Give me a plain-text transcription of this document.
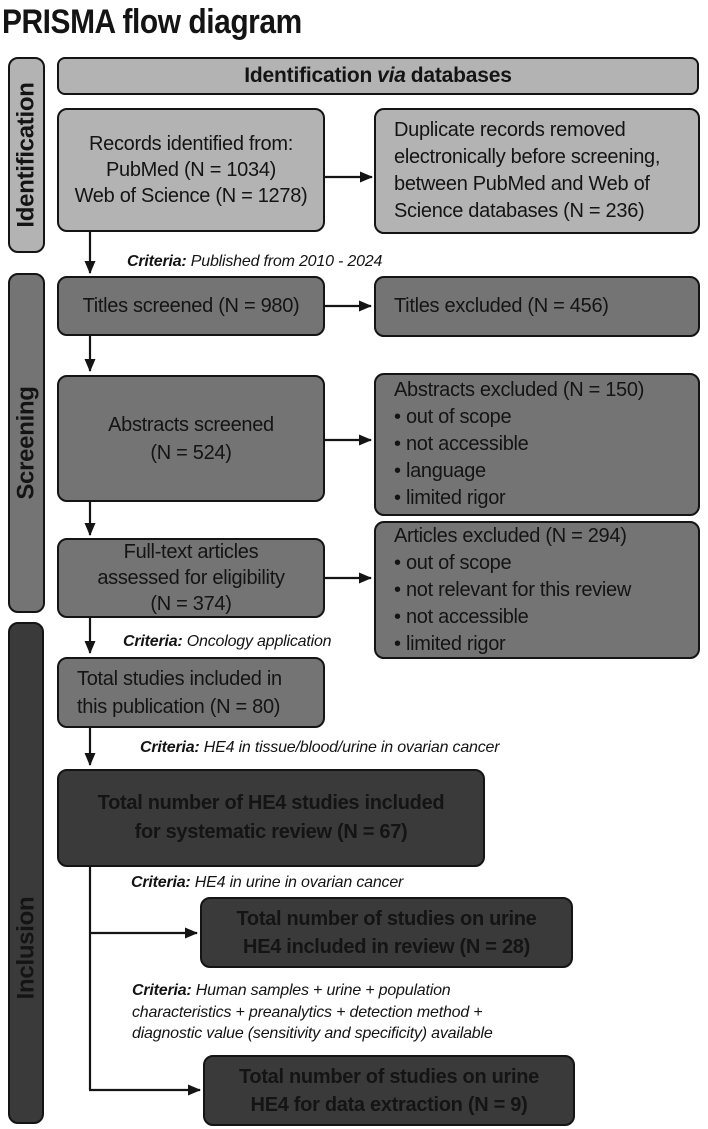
PRISMA flow diagram
Identification
Screening
Inclusion
Identification via databases
Records identified from:
PubMed (N = 1034)
Web of Science (N = 1278)
Duplicate records removed
electronically before screening,
between PubMed and Web of
Science databases (N = 236)
Criteria: Published from 2010 - 2024
Titles screened (N = 980)	Titles excluded (N = 456)
Abstracts screened
(N = 524)
Abstracts excluded (N = 150)
• out of scope
• not accessible
• language
• limited rigor
Full-text articles
assessed for eligibility
(N = 374)
Articles excluded (N = 294)
• out of scope
• not relevant for this review
• not accessible
• limited rigor
Criteria: Oncology application
Total studies included in
this publication (N = 80)
Criteria: HE4 in tissue/blood/urine in ovarian cancer
Total number of HE4 studies included
for systematic review (N = 67)
Criteria: HE4 in urine in ovarian cancer
Total number of studies on urine
HE4 included in review (N = 28)
Criteria: Human samples + urine + population
characteristics + preanalytics + detection method +
diagnostic value (sensitivity and specificity) available
Total number of studies on urine
HE4 for data extraction (N = 9)
